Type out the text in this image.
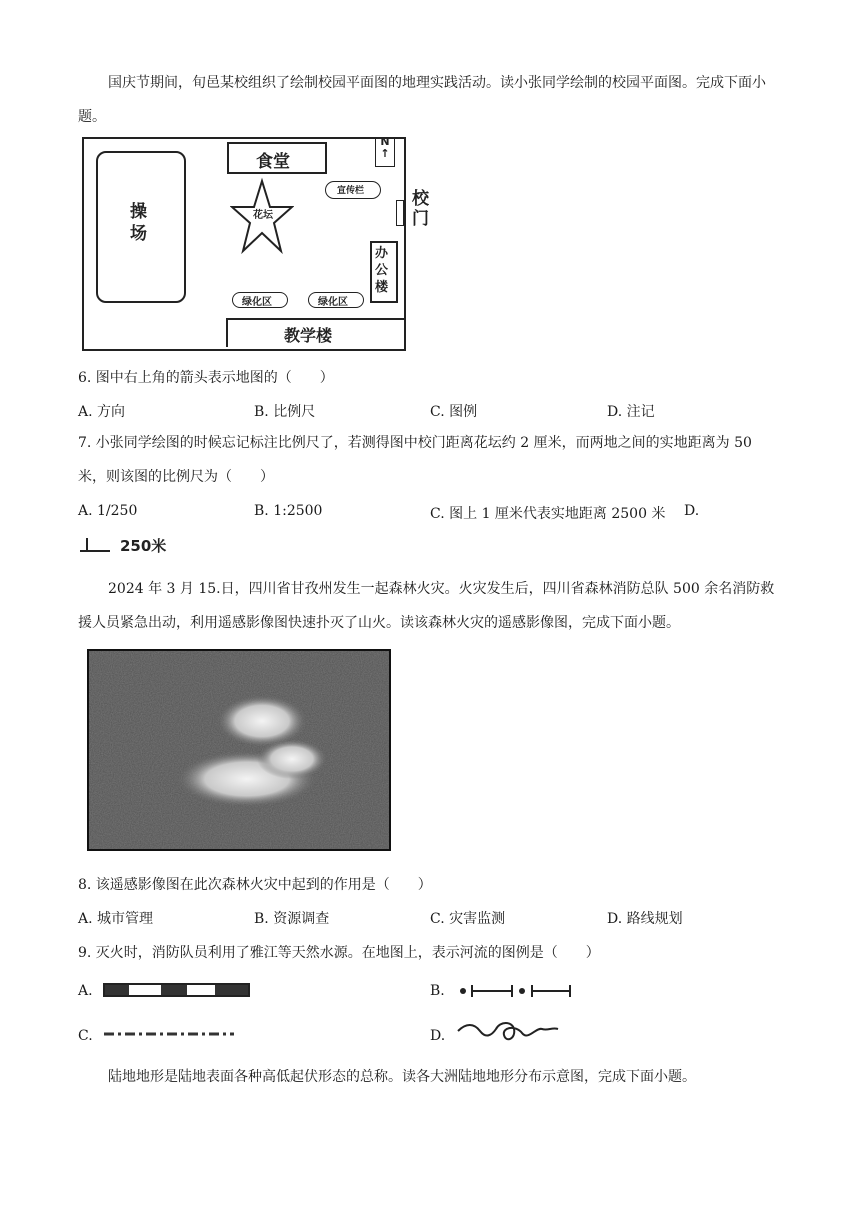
国庆节期间，旬邑某校组织了绘制校园平面图的地理实践活动。读小张同学绘制的校园平面图。完成下面小题。
操场
食堂
N
↑
花坛
宣传栏	校门
办公楼
绿化区	绿化区
教学楼
6. 图中右上角的箭头表示地图的（　　）
A. 方向	B. 比例尺	C. 图例	D. 注记
7. 小张同学绘图的时候忘记标注比例尺了，若测得图中校门距离花坛约 2 厘米，而两地之间的实地距离为 50 米，则该图的比例尺为（　　）
A. 1/250	B. 1:2500	C. 图上 1 厘米代表实地距离 2500 米 D.
250米
2024 年 3 月 15.日，四川省甘孜州发生一起森林火灾。火灾发生后，四川省森林消防总队 500 余名消防救援人员紧急出动，利用遥感影像图快速扑灭了山火。读该森林火灾的遥感影像图，完成下面小题。
8. 该遥感影像图在此次森林火灾中起到的作用是（　　）
A. 城市管理	B. 资源调查	C. 灾害监测	D. 路线规划
9. 灭火时，消防队员利用了雅江等天然水源。在地图上，表示河流的图例是（　　）
A.	B.
C.	D.
陆地地形是陆地表面各种高低起伏形态的总称。读各大洲陆地地形分布示意图，完成下面小题。
